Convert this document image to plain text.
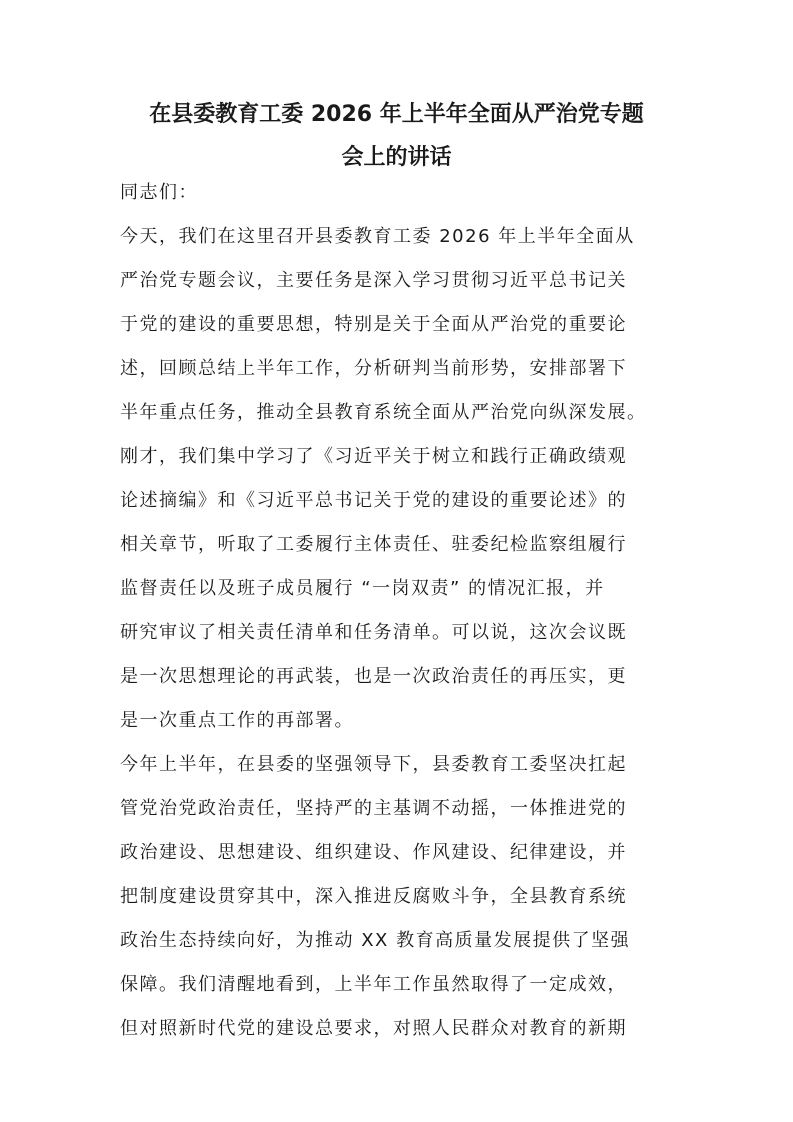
在县委教育工委 2026 年上半年全面从严治党专题
会上的讲话

同志们：

今天，我们在这里召开县委教育工委 2026 年上半年全面从

严治党专题会议，主要任务是深入学习贯彻习近平总书记关

于党的建设的重要思想，特别是关于全面从严治党的重要论

述，回顾总结上半年工作，分析研判当前形势，安排部署下

半年重点任务，推动全县教育系统全面从严治党向纵深发展。

刚才，我们集中学习了《习近平关于树立和践行正确政绩观

论述摘编》和《习近平总书记关于党的建设的重要论述》的

相关章节，听取了工委履行主体责任、驻委纪检监察组履行

监督责任以及班子成员履行 “一岗双责” 的情况汇报，并

研究审议了相关责任清单和任务清单。可以说，这次会议既

是一次思想理论的再武装，也是一次政治责任的再压实，更

是一次重点工作的再部署。

今年上半年，在县委的坚强领导下，县委教育工委坚决扛起

管党治党政治责任，坚持严的主基调不动摇，一体推进党的

政治建设、思想建设、组织建设、作风建设、纪律建设，并

把制度建设贯穿其中，深入推进反腐败斗争，全县教育系统

政治生态持续向好，为推动 XX 教育高质量发展提供了坚强

保障。我们清醒地看到，上半年工作虽然取得了一定成效，

但对照新时代党的建设总要求，对照人民群众对教育的新期
